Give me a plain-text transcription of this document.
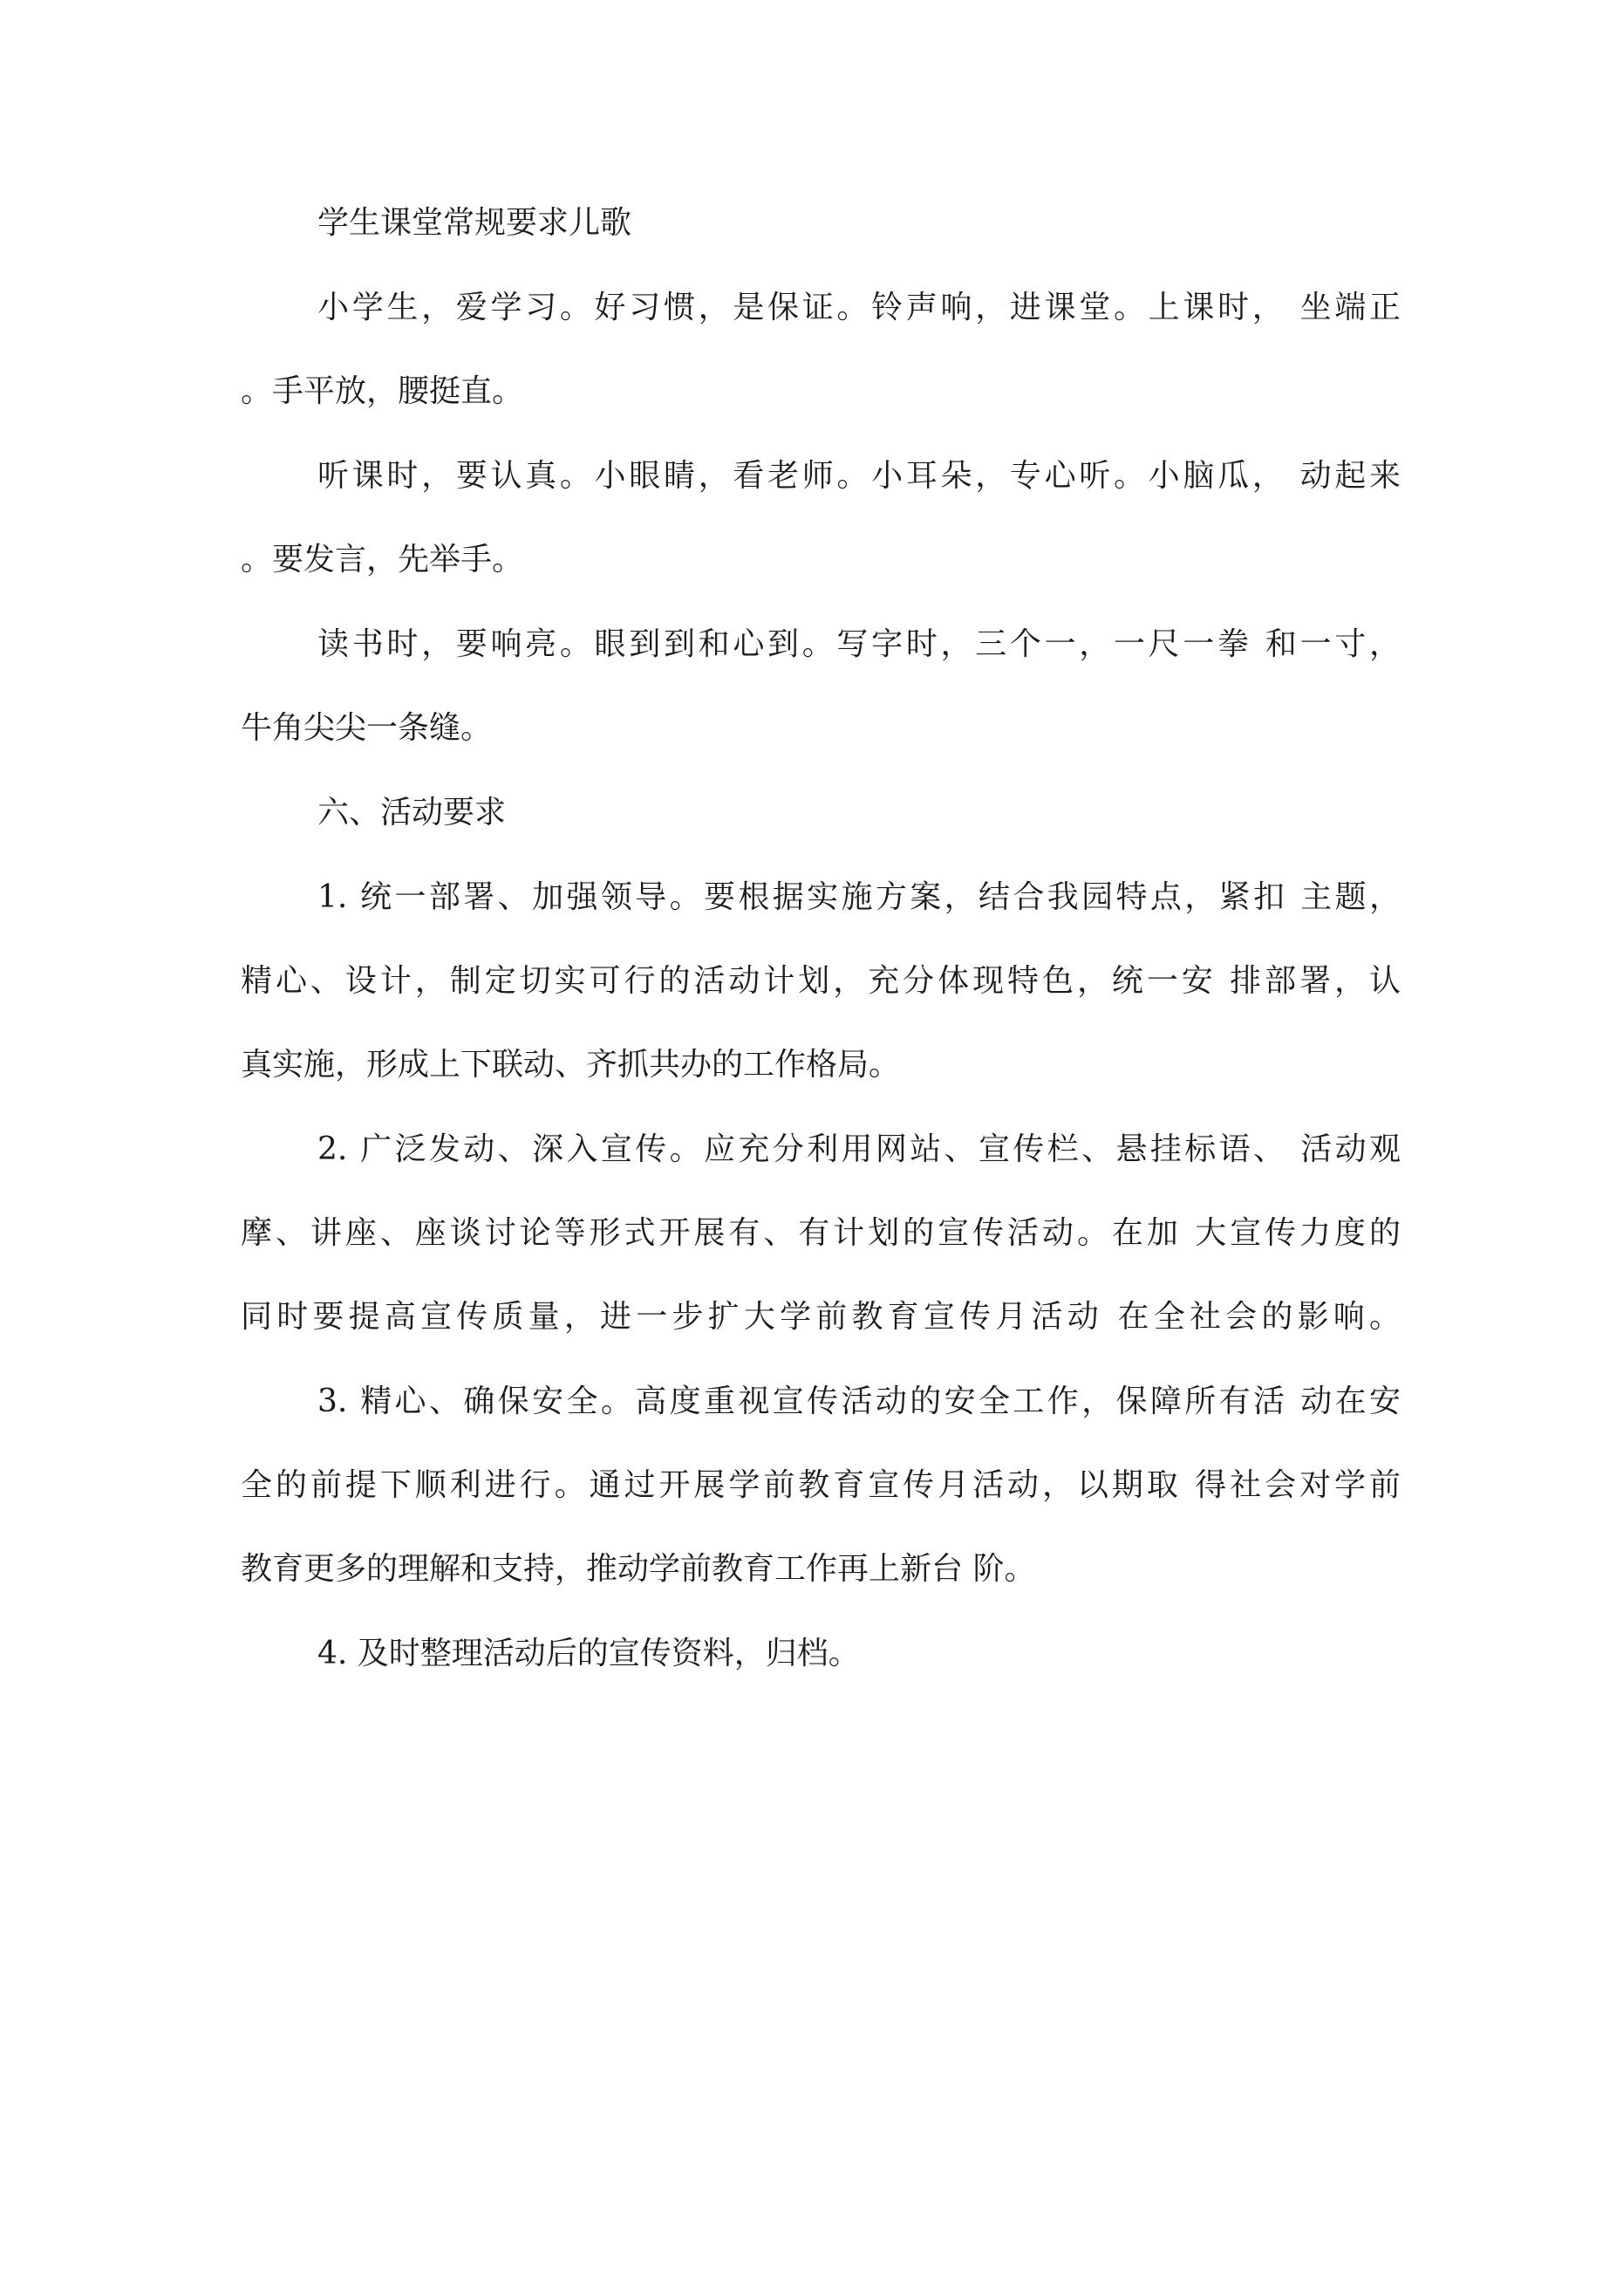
学生课堂常规要求儿歌
小学生，爱学习。好习惯，是保证。铃声响，进课堂。上课时， 坐端正
。手平放，腰挺直。
听课时，要认真。小眼睛，看老师。小耳朵，专心听。小脑瓜， 动起来
。要发言，先举手。
读书时，要响亮。眼到到和心到。写字时，三个一，一尺一拳 和一寸，
牛角尖尖一条缝。
六、活动要求
1. 统一部署、加强领导。要根据实施方案，结合我园特点，紧扣 主题，
精心、设计，制定切实可行的活动计划，充分体现特色，统一安 排部署，认
真实施，形成上下联动、齐抓共办的工作格局。
2. 广泛发动、深入宣传。应充分利用网站、宣传栏、悬挂标语、 活动观
摩、讲座、座谈讨论等形式开展有、有计划的宣传活动。在加 大宣传力度的
同时要提高宣传质量，进一步扩大学前教育宣传月活动 在全社会的影响。
3. 精心、确保安全。高度重视宣传活动的安全工作，保障所有活 动在安
全的前提下顺利进行。通过开展学前教育宣传月活动，以期取 得社会对学前
教育更多的理解和支持，推动学前教育工作再上新台 阶。
4. 及时整理活动后的宣传资料，归档。
